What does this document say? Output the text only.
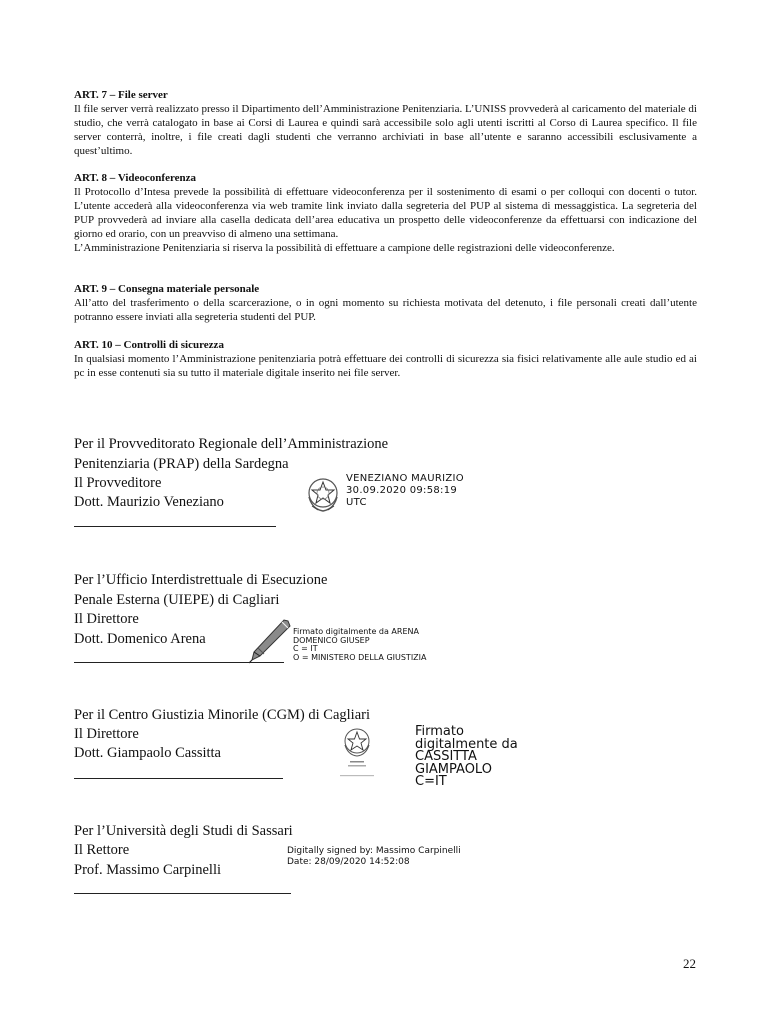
ART. 7 – File server

Il file server verrà realizzato presso il Dipartimento dell’Amministrazione Penitenziaria. L’UNISS provvederà al caricamento del materiale di studio, che verrà catalogato in base ai Corsi di Laurea e quindi sarà accessibile solo agli utenti iscritti al Corso di Laurea specifico. Il file server conterrà, inoltre, i file creati dagli studenti che verranno archiviati in base all’utente e saranno accessibili esclusivamente a quest’ultimo.

ART. 8 – Videoconferenza

Il Protocollo d’Intesa prevede la possibilità di effettuare videoconferenza per il sostenimento di esami o per colloqui con docenti o tutor. L’utente accederà alla videoconferenza via web tramite link inviato dalla segreteria del PUP al sistema di messaggistica. La segreteria del PUP provvederà ad inviare alla casella dedicata dell’area educativa un prospetto delle videoconferenze da effettuarsi con indicazione del giorno ed orario, con un preavviso di almeno una settimana.

L’Amministrazione Penitenziaria si riserva la possibilità di effettuare a campione delle registrazioni delle videoconferenze.

ART. 9 – Consegna materiale personale

All’atto del trasferimento o della scarcerazione, o in ogni momento su richiesta motivata del detenuto, i file personali creati dall’utente potranno essere inviati alla segreteria studenti del PUP.

ART. 10 – Controlli di sicurezza

In qualsiasi momento l’Amministrazione penitenziaria potrà effettuare dei controlli di sicurezza sia fisici relativamente alle aule studio ed ai pc in esse contenuti sia su tutto il materiale digitale inserito nei file server.

Per il Provveditorato Regionale dell’Amministrazione
Penitenziaria (PRAP) della Sardegna
Il Provveditore
Dott. Maurizio Veneziano
VENEZIANO MAURIZIO
30.09.2020 09:58:19
UTC
Per l’Ufficio Interdistrettuale di Esecuzione
Penale Esterna (UIEPE) di Cagliari
Il Direttore
Dott. Domenico Arena	Firmato digitalmente da ARENA
DOMENICO GIUSEP
C = IT
O = MINISTERO DELLA GIUSTIZIA
Per il Centro Giustizia Minorile (CGM) di Cagliari
Il Direttore
Dott. Giampaolo Cassitta
Firmato
digitalmente da
CASSITTA
GIAMPAOLO
C=IT
Per l’Università degli Studi di Sassari
Il Rettore
Prof. Massimo Carpinelli
Digitally signed by: Massimo Carpinelli
Date: 28/09/2020 14:52:08
22
